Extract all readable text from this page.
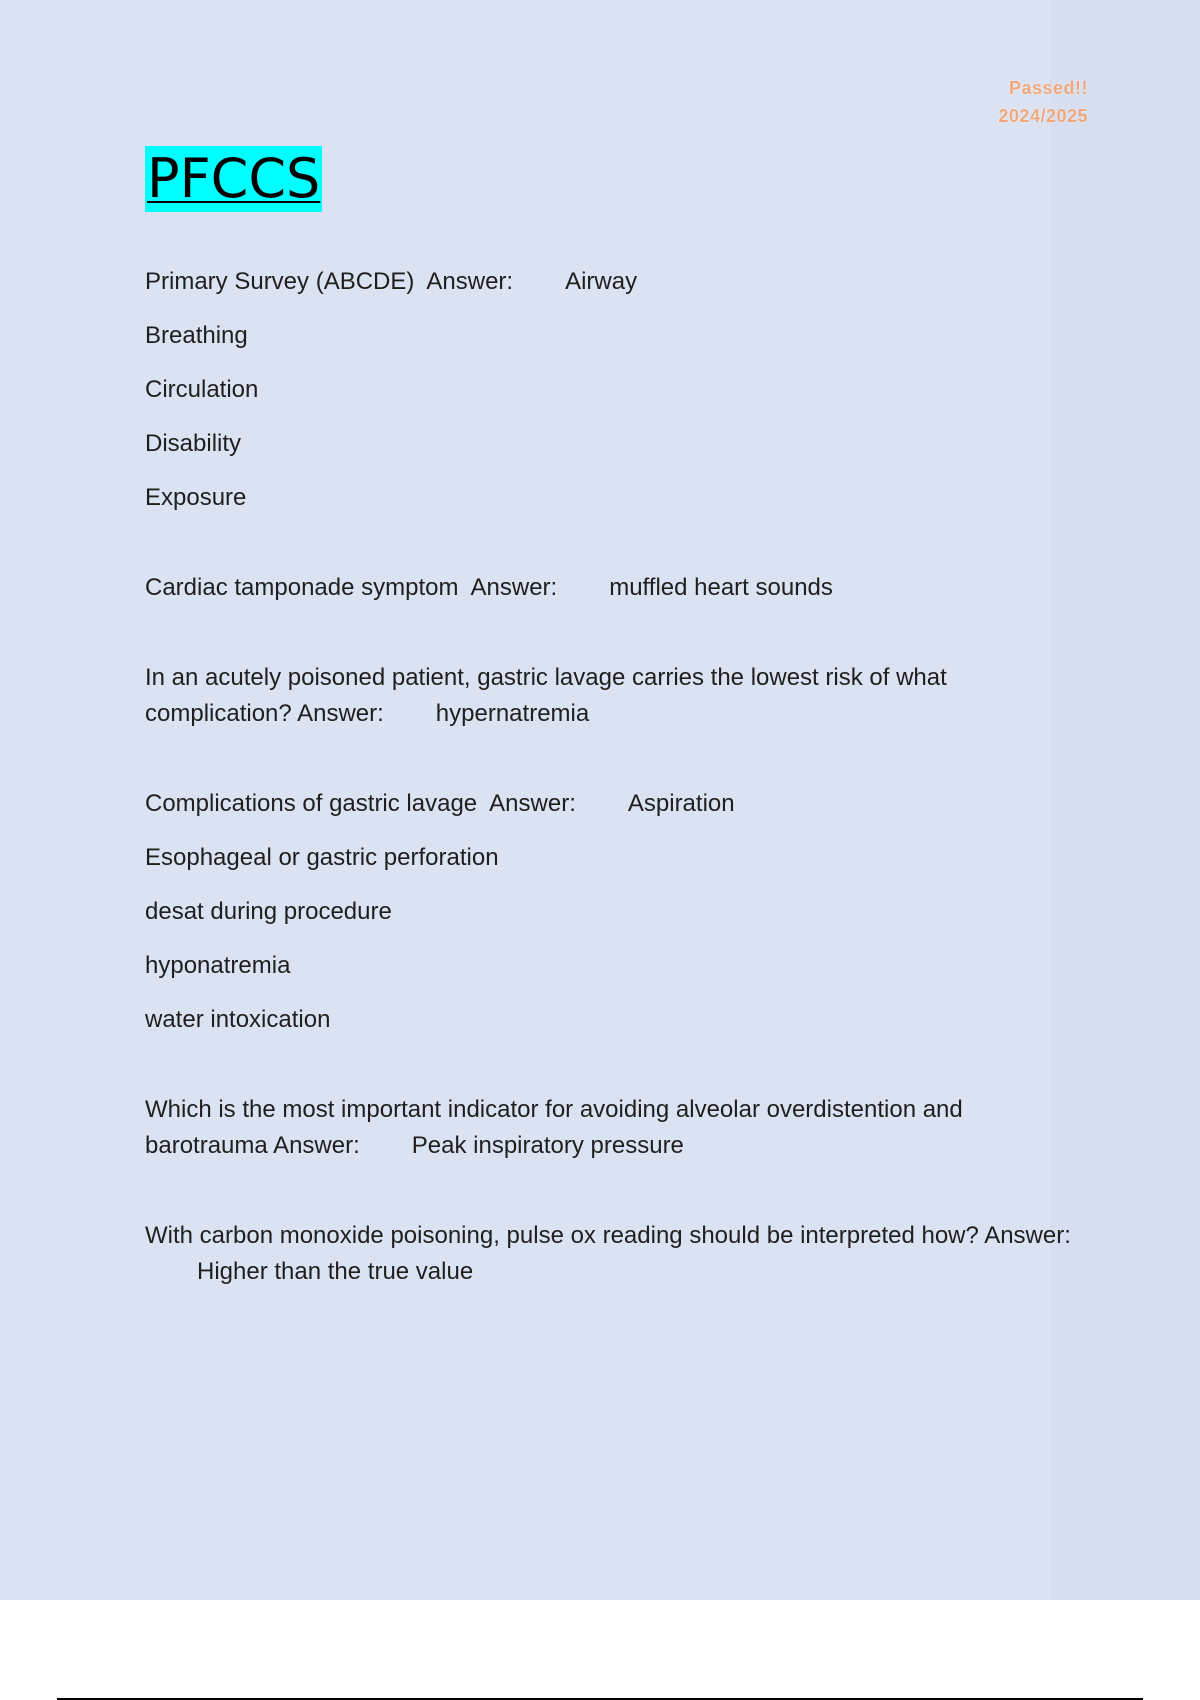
Passed!!
2024/2025
PFCCS
Primary Survey (ABCDE) Answer: Airway
Breathing
Circulation
Disability
Exposure
Cardiac tamponade symptom Answer: muffled heart sounds
In an acutely poisoned patient, gastric lavage carries the lowest risk of what complication? Answer: hypernatremia
Complications of gastric lavage Answer: Aspiration
Esophageal or gastric perforation
desat during procedure
hyponatremia
water intoxication
Which is the most important indicator for avoiding alveolar overdistention and barotrauma Answer: Peak inspiratory pressure
With carbon monoxide poisoning, pulse ox reading should be interpreted how? Answer:Higher than the true value
